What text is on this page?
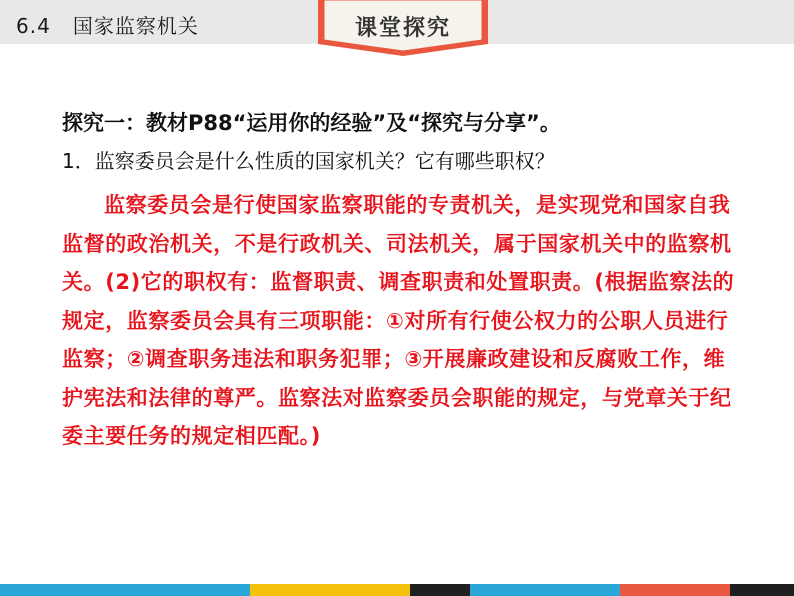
6.4   国家监察机关	课堂探究
探究一：教材P88“运用你的经验”及“探究与分享”。
1．监察委员会是什么性质的国家机关？它有哪些职权？
监察委员会是行使国家监察职能的专责机关，是实现党和国家自我监督的政治机关，不是行政机关、司法机关，属于国家机关中的监察机关。(2)它的职权有：监督职责、调查职责和处置职责。(根据监察法的规定，监察委员会具有三项职能：①对所有行使公权力的公职人员进行监察；②调查职务违法和职务犯罪；③开展廉政建设和反腐败工作，维护宪法和法律的尊严。监察法对监察委员会职能的规定，与党章关于纪委主要任务的规定相匹配。)
